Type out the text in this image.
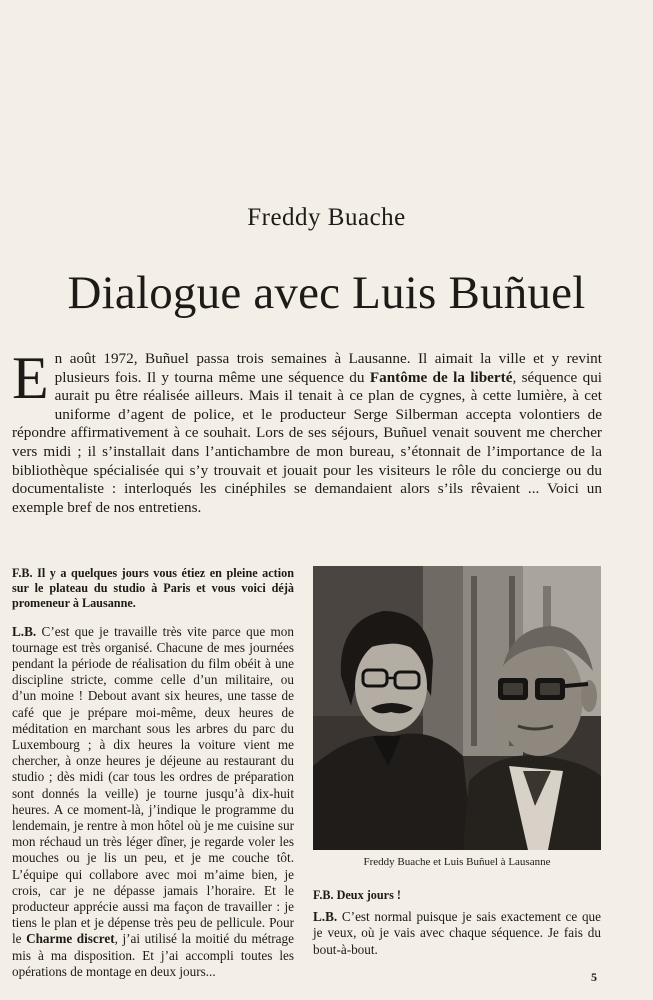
Freddy Buache
Dialogue avec Luis Buñuel
En août 1972, Buñuel passa trois semaines à Lausanne. Il aimait la ville et y revint plusieurs fois. Il y tourna même une séquence du Fantôme de la liberté, séquence qui aurait pu être réalisée ailleurs. Mais il tenait à ce plan de cygnes, à cette lumière, à cet uniforme d’agent de police, et le producteur Serge Silberman accepta volontiers de répondre affirmativement à ce souhait. Lors de ses séjours, Buñuel venait souvent me chercher vers midi ; il s’installait dans l’antichambre de mon bureau, s’étonnait de l’importance de la bibliothèque spécialisée qui s’y trouvait et jouait pour les visiteurs le rôle du concierge ou du documentaliste : interloqués les cinéphiles se demandaient alors s’ils rêvaient ... Voici un exemple bref de nos entretiens.

F.B. Il y a quelques jours vous étiez en pleine action sur le plateau du studio à Paris et vous voici déjà promeneur à Lausanne.

L.B. C’est que je travaille très vite parce que mon tournage est très organisé. Chacune de mes journées pendant la période de réalisation du film obéit à une discipline stricte, comme celle d’un militaire, ou d’un moine ! Debout avant six heures, une tasse de café que je prépare moi-même, deux heures de méditation en marchant sous les arbres du parc du Luxembourg ; à dix heures la voiture vient me chercher, à onze heures je déjeune au restaurant du studio ; dès midi (car tous les ordres de préparation sont donnés la veille) je tourne jusqu’à dix-huit heures. A ce moment-là, j’indique le programme du lendemain, je rentre à mon hôtel où je me cuisine sur mon réchaud un très léger dîner, je regarde voler les mouches ou je lis un peu, et je me couche tôt. L’équipe qui collabore avec moi m’aime bien, je crois, car je ne dépasse jamais l’horaire. Et le producteur apprécie aussi ma façon de travailler : je tiens le plan et je dépense très peu de pellicule. Pour le Charme discret, j’ai utilisé la moitié du métrage mis à ma disposition. Et j’ai accompli toutes les opérations de montage en deux jours...

Freddy Buache et Luis Buñuel à Lausanne

F.B. Deux jours !

L.B. C’est normal puisque je sais exactement ce que je veux, où je vais avec chaque séquence. Je fais du bout-à-bout.

5
